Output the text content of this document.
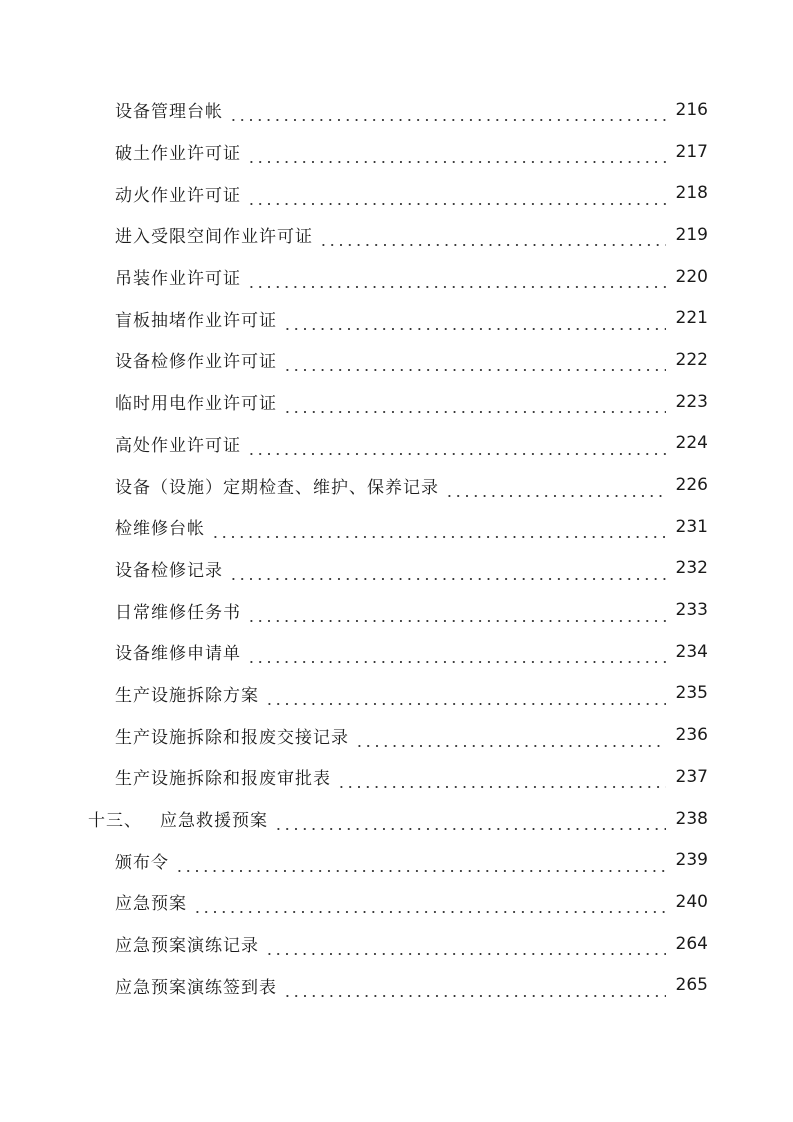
设备管理台帐	216
破土作业许可证	217
动火作业许可证	218
进入受限空间作业许可证	219
吊装作业许可证	220
盲板抽堵作业许可证	221
设备检修作业许可证	222
临时用电作业许可证	223
高处作业许可证	224
设备（设施）定期检查、维护、保养记录	226
检维修台帐	231
设备检修记录	232
日常维修任务书	233
设备维修申请单	234
生产设施拆除方案	235
生产设施拆除和报废交接记录	236
生产设施拆除和报废审批表	237
十三、 应急救援预案	238
颁布令	239
应急预案	240
应急预案演练记录	264
应急预案演练签到表	265
